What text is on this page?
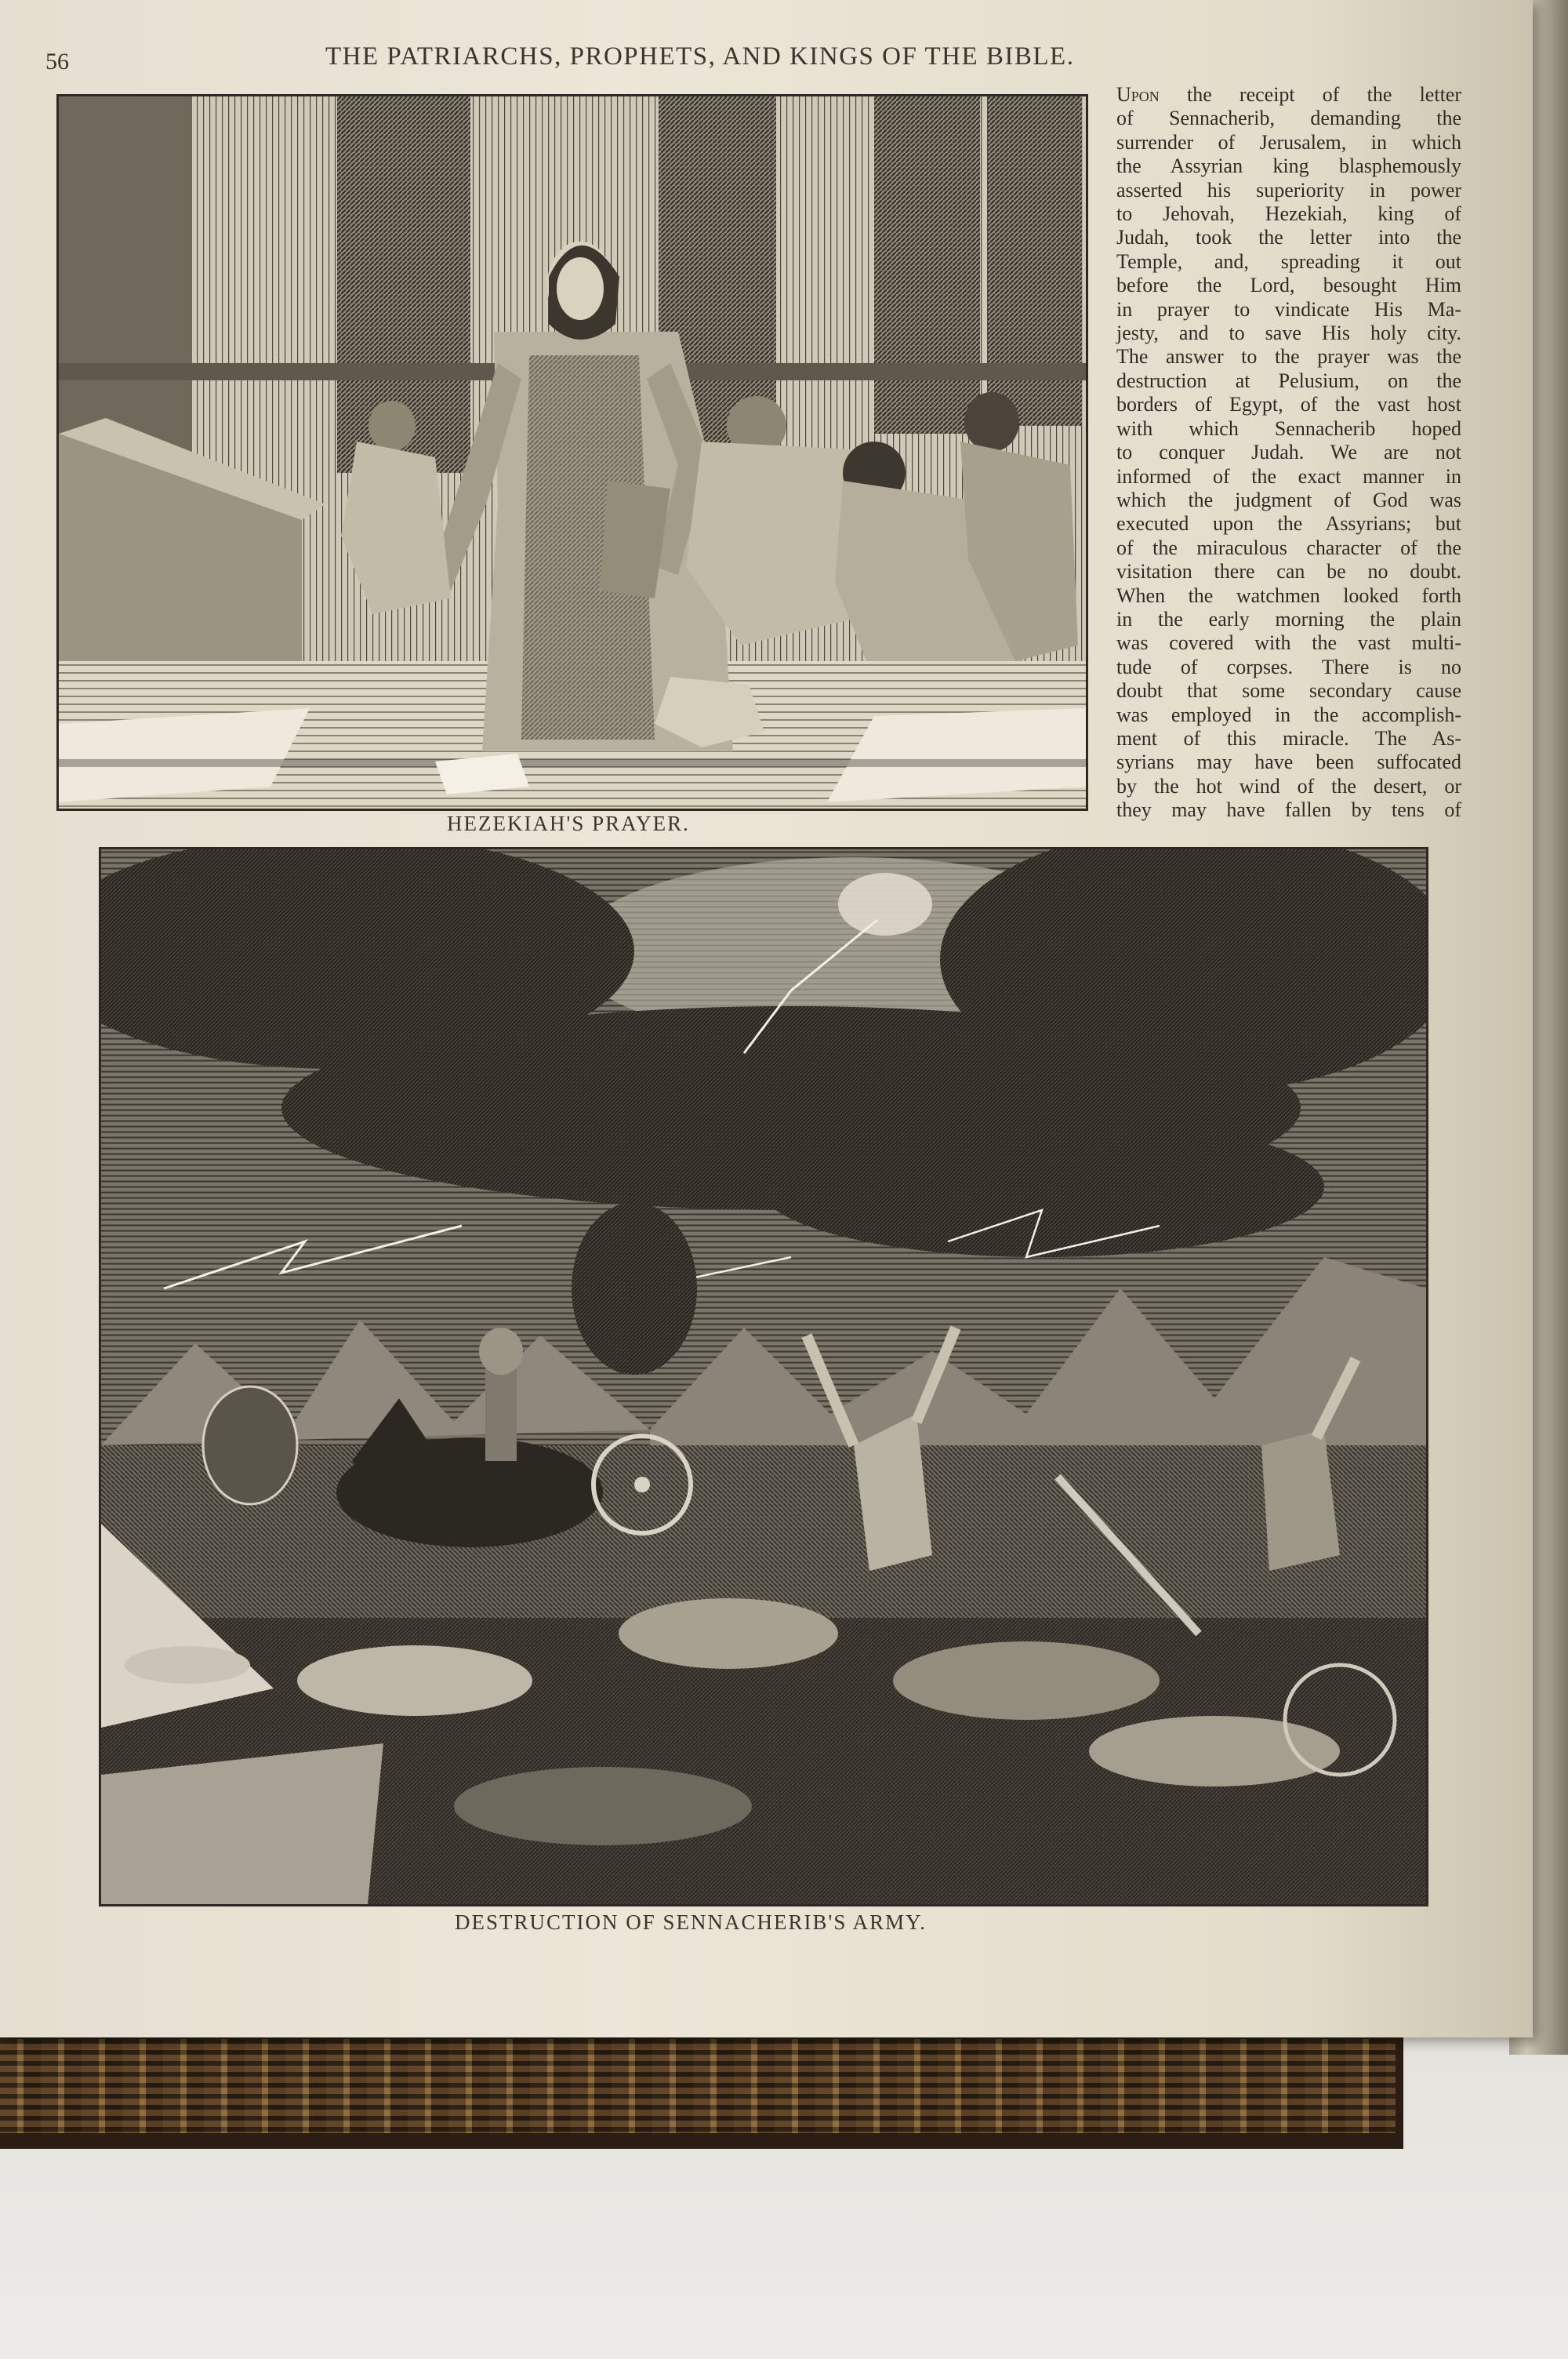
56	THE PATRIARCHS, PROPHETS, AND KINGS OF THE BIBLE.
HEZEKIAH'S PRAYER.
DESTRUCTION OF SENNACHERIB'S ARMY.
Upon the receipt of the letter
of Sennacherib, demanding the
surrender of Jerusalem, in which
the Assyrian king blasphemously
asserted his superiority in power
to Jehovah, Hezekiah, king of
Judah, took the letter into the
Temple, and, spreading it out
before the Lord, besought Him
in prayer to vindicate His Ma-
jesty, and to save His holy city.
The answer to the prayer was the
destruction at Pelusium, on the
borders of Egypt, of the vast host
with which Sennacherib hoped
to conquer Judah. We are not
informed of the exact manner in
which the judgment of God was
executed upon the Assyrians; but
of the miraculous character of the
visitation there can be no doubt.
When the watchmen looked forth
in the early morning the plain
was covered with the vast multi-
tude of corpses. There is no
doubt that some secondary cause
was employed in the accomplish-
ment of this miracle. The As-
syrians may have been suffocated
by the hot wind of the desert, or
they may have fallen by tens of
